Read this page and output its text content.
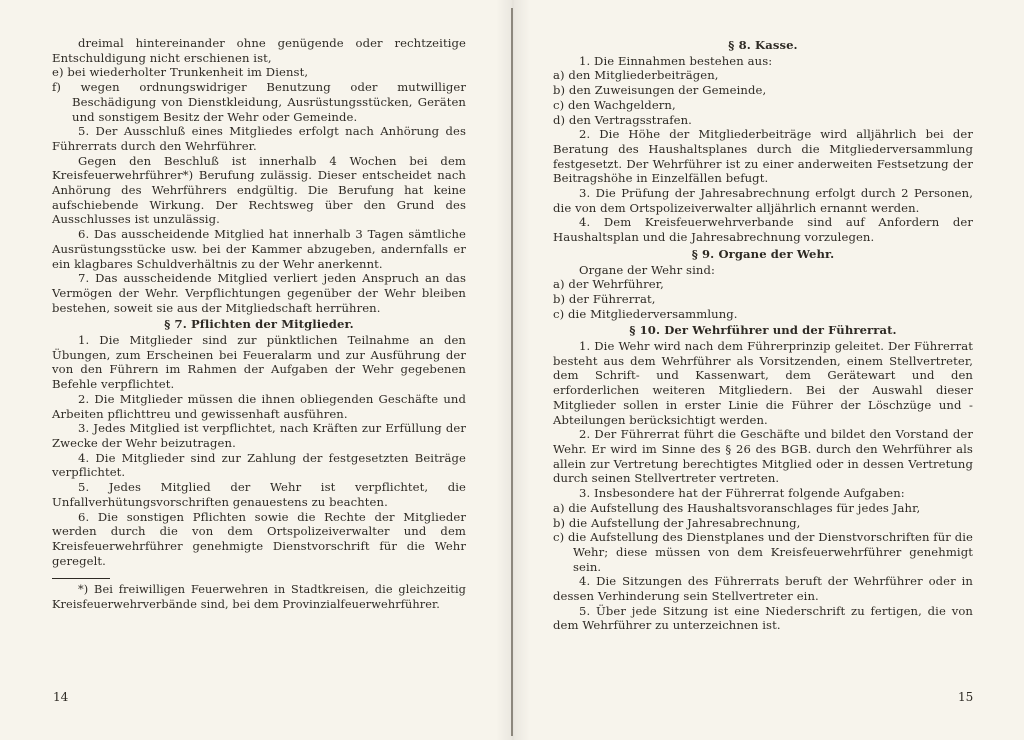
dreimal hintereinander ohne genügende oder rechtzeitige Entschuldigung nicht erschienen ist,

e) bei wiederholter Trunkenheit im Dienst,

f) wegen ordnungswidriger Benutzung oder mutwilliger Beschädigung von Dienstkleidung, Ausrüstungsstücken, Geräten und sonstigem Besitz der Wehr oder Gemeinde.

5. Der Ausschluß eines Mitgliedes erfolgt nach Anhörung des Führerrats durch den Wehrführer.

Gegen den Beschluß ist innerhalb 4 Wochen bei dem Kreisfeuerwehrführer*) Berufung zulässig. Dieser entscheidet nach Anhörung des Wehrführers endgültig. Die Berufung hat keine aufschiebende Wirkung. Der Rechtsweg über den Grund des Ausschlusses ist unzulässig.

6. Das ausscheidende Mitglied hat innerhalb 3 Tagen sämtliche Ausrüstungsstücke usw. bei der Kammer abzugeben, andernfalls er ein klagbares Schuldverhältnis zu der Wehr anerkennt.

7. Das ausscheidende Mitglied verliert jeden Anspruch an das Vermögen der Wehr. Verpflichtungen gegenüber der Wehr bleiben bestehen, soweit sie aus der Mitgliedschaft herrühren.

§ 7. Pflichten der Mitglieder.

1. Die Mitglieder sind zur pünktlichen Teilnahme an den Übungen, zum Erscheinen bei Feueralarm und zur Ausführung der von den Führern im Rahmen der Aufgaben der Wehr gegebenen Befehle verpflichtet.

2. Die Mitglieder müssen die ihnen obliegenden Geschäfte und Arbeiten pflichttreu und gewissenhaft ausführen.

3. Jedes Mitglied ist verpflichtet, nach Kräften zur Erfüllung der Zwecke der Wehr beizutragen.

4. Die Mitglieder sind zur Zahlung der festgesetzten Beiträge verpflichtet.

5. Jedes Mitglied der Wehr ist verpflichtet, die Unfallverhütungsvorschriften genauestens zu beachten.

6. Die sonstigen Pflichten sowie die Rechte der Mitglieder werden durch die von dem Ortspolizeiverwalter und dem Kreisfeuerwehrführer genehmigte Dienstvorschrift für die Wehr geregelt.

*) Bei freiwilligen Feuerwehren in Stadtkreisen, die gleichzeitig Kreisfeuerwehrverbände sind, bei dem Provinzialfeuerwehrführer.

14
§ 8. Kasse.

1. Die Einnahmen bestehen aus:

a) den Mitgliederbeiträgen,

b) den Zuweisungen der Gemeinde,

c) den Wachgeldern,

d) den Vertragsstrafen.

2. Die Höhe der Mitgliederbeiträge wird alljährlich bei der Beratung des Haushaltsplanes durch die Mitgliederversammlung festgesetzt. Der Wehrführer ist zu einer anderweiten Festsetzung der Beitragshöhe in Einzelfällen befugt.

3. Die Prüfung der Jahresabrechnung erfolgt durch 2 Personen, die von dem Ortspolizeiverwalter alljährlich ernannt werden.

4. Dem Kreisfeuerwehrverbande sind auf Anfordern der Haushaltsplan und die Jahresabrechnung vorzulegen.

§ 9. Organe der Wehr.

Organe der Wehr sind:

a) der Wehrführer,

b) der Führerrat,

c) die Mitgliederversammlung.

§ 10. Der Wehrführer und der Führerrat.

1. Die Wehr wird nach dem Führerprinzip geleitet. Der Führerrat besteht aus dem Wehrführer als Vorsitzenden, einem Stellvertreter, dem Schrift- und Kassenwart, dem Gerätewart und den erforderlichen weiteren Mitgliedern. Bei der Auswahl dieser Mitglieder sollen in erster Linie die Führer der Löschzüge und -Abteilungen berücksichtigt werden.

2. Der Führerrat führt die Geschäfte und bildet den Vorstand der Wehr. Er wird im Sinne des § 26 des BGB. durch den Wehrführer als allein zur Vertretung berechtigtes Mitglied oder in dessen Vertretung durch seinen Stellvertreter vertreten.

3. Insbesondere hat der Führerrat folgende Aufgaben:

a) die Aufstellung des Haushaltsvoranschlages für jedes Jahr,

b) die Aufstellung der Jahresabrechnung,

c) die Aufstellung des Dienstplanes und der Dienstvorschriften für die Wehr; diese müssen von dem Kreisfeuerwehrführer genehmigt sein.

4. Die Sitzungen des Führerrats beruft der Wehrführer oder in dessen Verhinderung sein Stellvertreter ein.

5. Über jede Sitzung ist eine Niederschrift zu fertigen, die von dem Wehrführer zu unterzeichnen ist.

15
